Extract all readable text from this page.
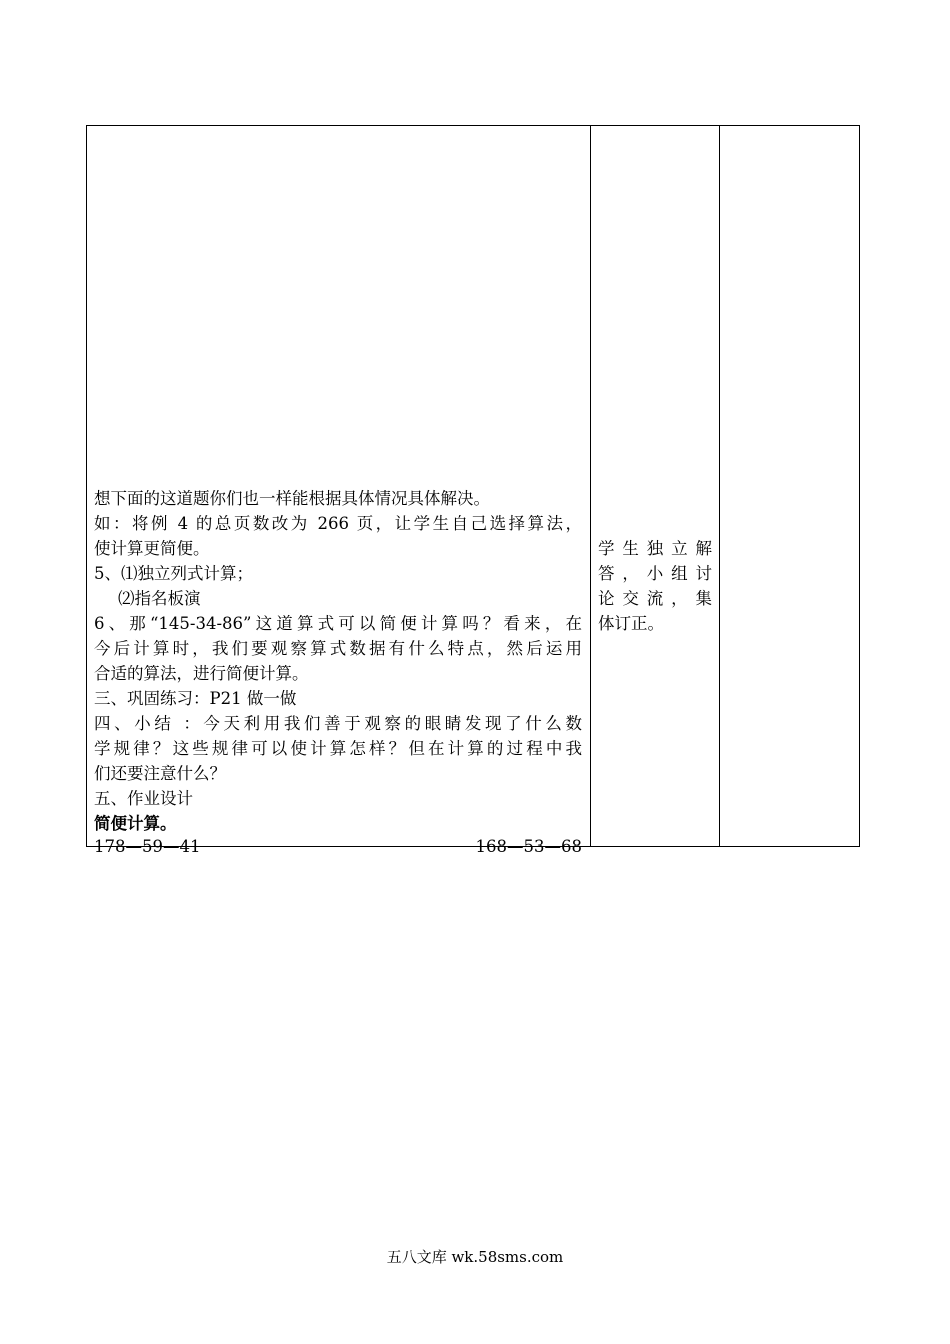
想下面的这道题你们也一样能根据具体情况具体解决。
如：将例 4 的总页数改为 266 页，让学生自己选择算法，
使计算更简便。
5、⑴独立列式计算；
⑵指名板演
6、那“145-34-86”这道算式可以简便计算吗？看来，在
今后计算时，我们要观察算式数据有什么特点，然后运用
合适的算法，进行简便计算。
三、巩固练习：P21 做一做
四、小结 ：今天利用我们善于观察的眼睛发现了什么数
学规律？这些规律可以使计算怎样？但在计算的过程中我
们还要注意什么？
五、作业设计
简便计算。
178—59—41	168—53—68
学生独立解
答，小组讨
论交流，集
体订正。
五八文库 wk.58sms.com
